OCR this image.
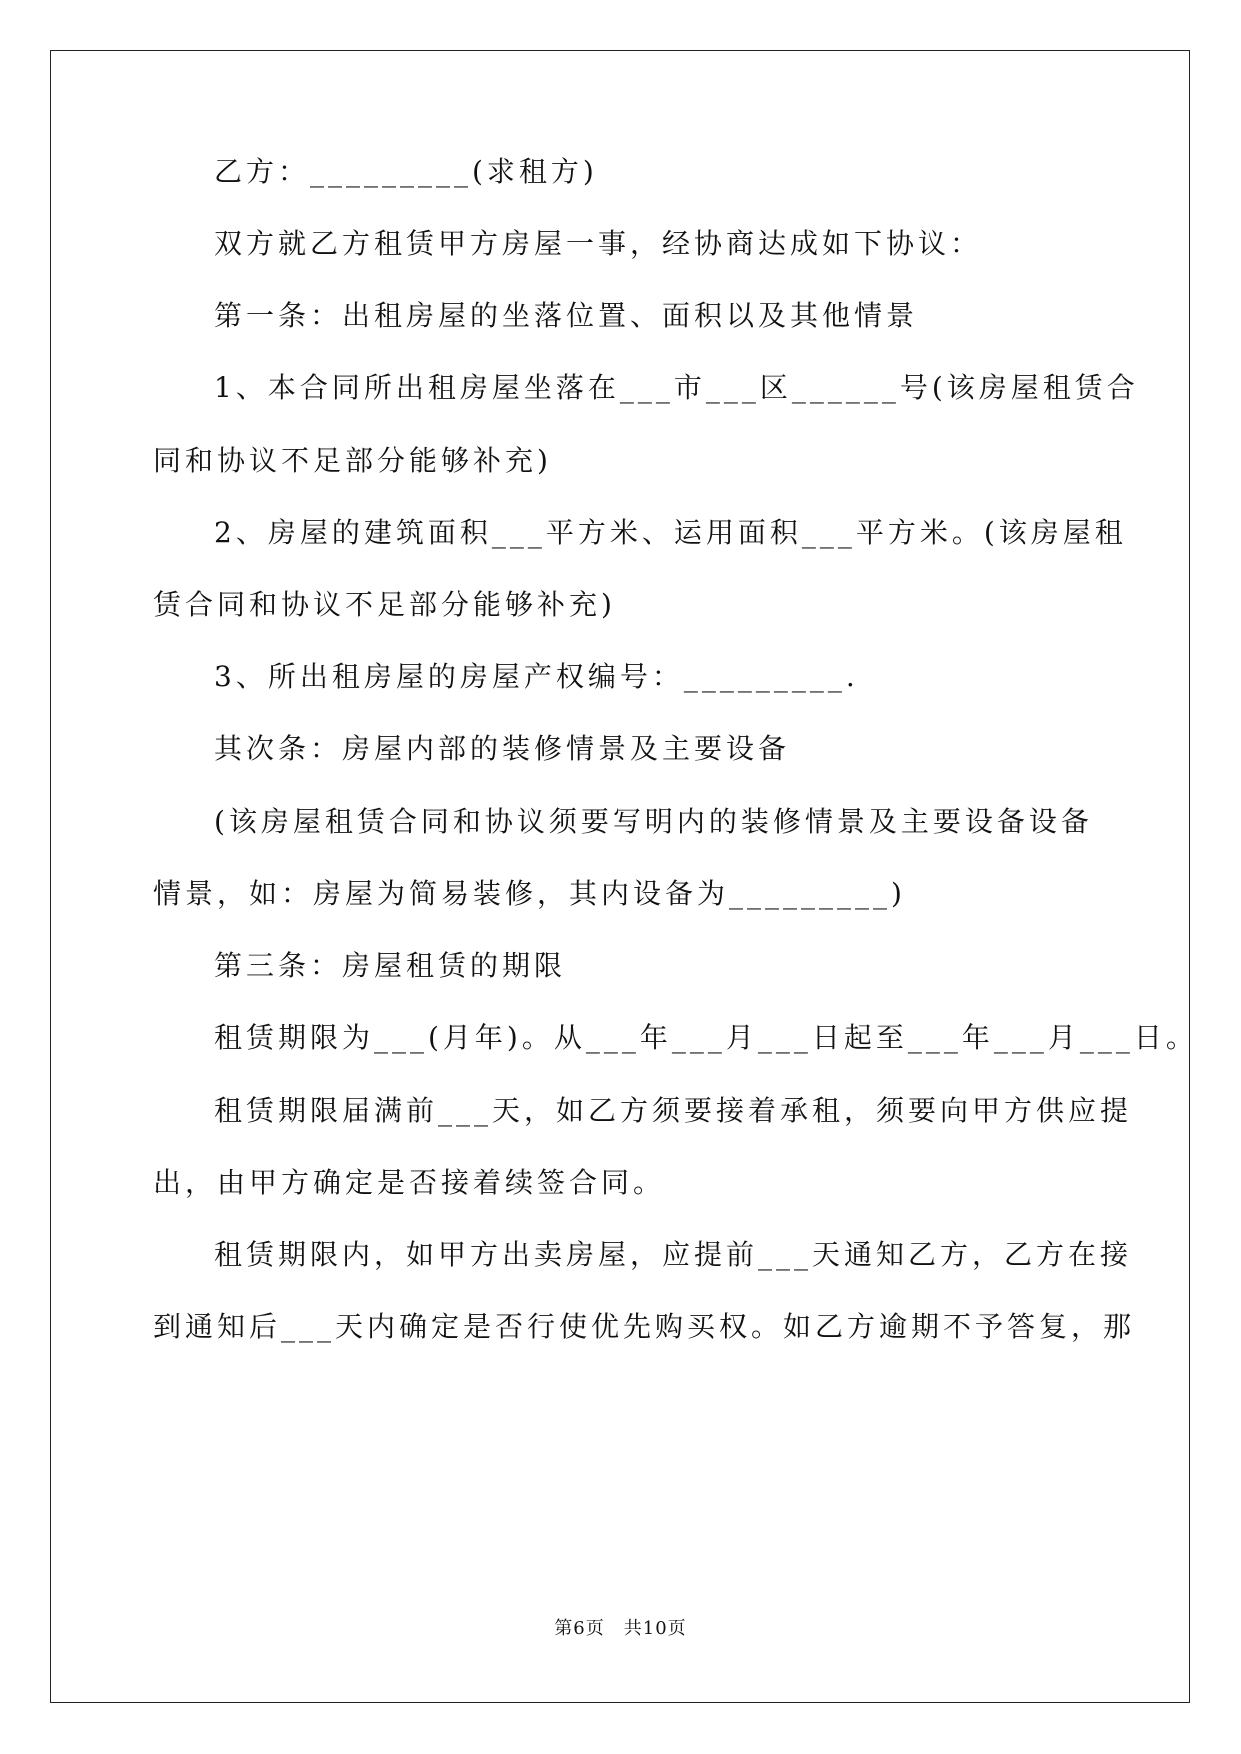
乙方：_________(求租方)
双方就乙方租赁甲方房屋一事，经协商达成如下协议：
第一条：出租房屋的坐落位置、面积以及其他情景
1、本合同所出租房屋坐落在___市___区______号(该房屋租赁合
同和协议不足部分能够补充)
2、房屋的建筑面积___平方米、运用面积___平方米。(该房屋租
赁合同和协议不足部分能够补充)
3、所出租房屋的房屋产权编号：_________.
其次条：房屋内部的装修情景及主要设备
(该房屋租赁合同和协议须要写明内的装修情景及主要设备设备
情景，如：房屋为简易装修，其内设备为_________)
第三条：房屋租赁的期限
租赁期限为___(月年)。从___年___月___日起至___年___月___日。
租赁期限届满前___天，如乙方须要接着承租，须要向甲方供应提
出，由甲方确定是否接着续签合同。
租赁期限内，如甲方出卖房屋，应提前___天通知乙方，乙方在接
到通知后___天内确定是否行使优先购买权。如乙方逾期不予答复，那
第6页　共10页
